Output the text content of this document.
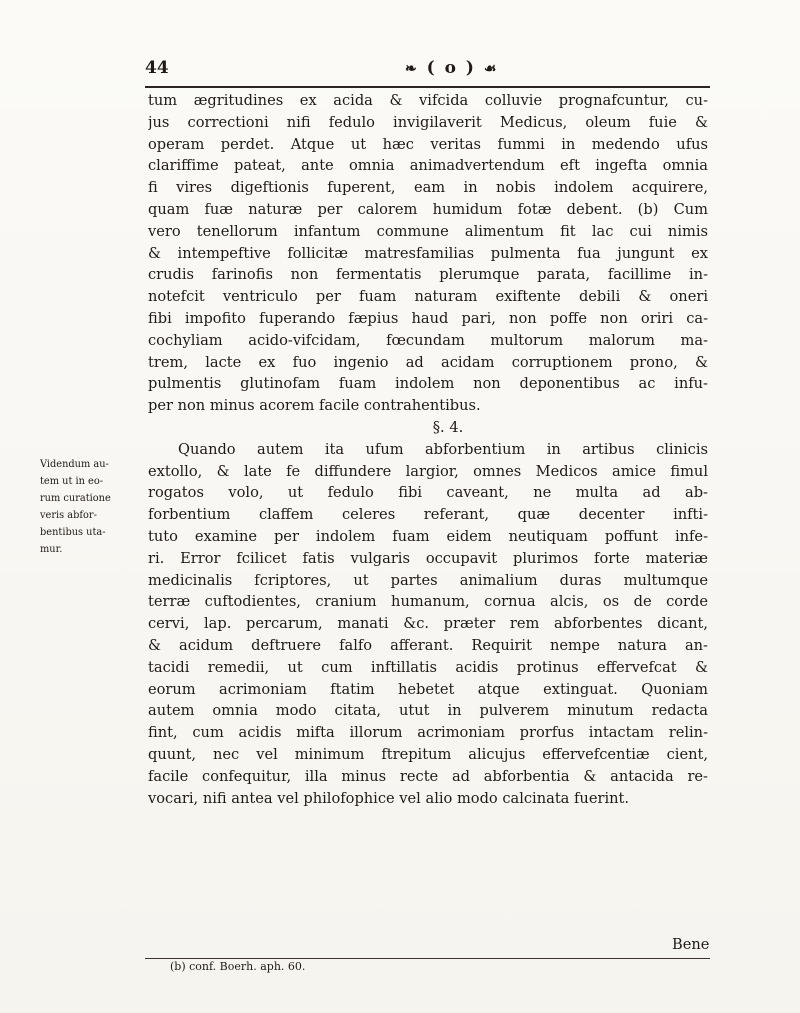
44	❧ ( o ) ☙
Videndum au-
tem ut in eo-
rum curatione
veris abfor-
bentibus uta-
mur.
tum ægritudines ex acida & vifcida colluvie prognafcuntur, cu-
jus correctioni nifi fedulo invigilaverit Medicus, oleum fuie &
operam perdet. Atque ut hæc veritas fummi in medendo ufus
clariffime pateat, ante omnia animadvertendum eft ingefta omnia
fi vires digeftionis fuperent, eam in nobis indolem acquirere,
quam fuæ naturæ per calorem humidum fotæ debent. (b) Cum
vero tenellorum infantum commune alimentum fit lac cui nimis
& intempeftive follicitæ matresfamilias pulmenta fua jungunt ex
crudis farinofis non fermentatis plerumque parata, facillime in-
notefcit ventriculo per fuam naturam exiftente debili & oneri
fibi impofito fuperando fæpius haud pari, non poffe non oriri ca-
cochyliam acido-vifcidam, fœcundam multorum malorum ma-
trem, lacte ex fuo ingenio ad acidam corruptionem prono, &
pulmentis glutinofam fuam indolem non deponentibus ac infu-
per non minus acorem facile contrahentibus.
§. 4.
Quando autem ita ufum abforbentium in artibus clinicis
extollo, & late fe diffundere largior, omnes Medicos amice fimul
rogatos volo, ut fedulo fibi caveant, ne multa ad ab-
forbentium claffem celeres referant, quæ decenter infti-
tuto examine per indolem fuam eidem neutiquam poffunt infe-
ri. Error fcilicet fatis vulgaris occupavit plurimos forte materiæ
medicinalis fcriptores, ut partes animalium duras multumque
terræ cuftodientes, cranium humanum, cornua alcis, os de corde
cervi, lap. percarum, manati &c. præter rem abforbentes dicant,
& acidum deftruere falfo afferant. Requirit nempe natura an-
tacidi remedii, ut cum inftillatis acidis protinus effervefcat &
eorum acrimoniam ftatim hebetet atque extinguat. Quoniam
autem omnia modo citata, utut in pulverem minutum redacta
fint, cum acidis mifta illorum acrimoniam prorfus intactam relin-
quunt, nec vel minimum ftrepitum alicujus effervefcentiæ cient,
facile confequitur, illa minus recte ad abforbentia & antacida re-
vocari, nifi antea vel philofophice vel alio modo calcinata fuerint.
Bene
(b) conf. Boerh. aph. 60.
